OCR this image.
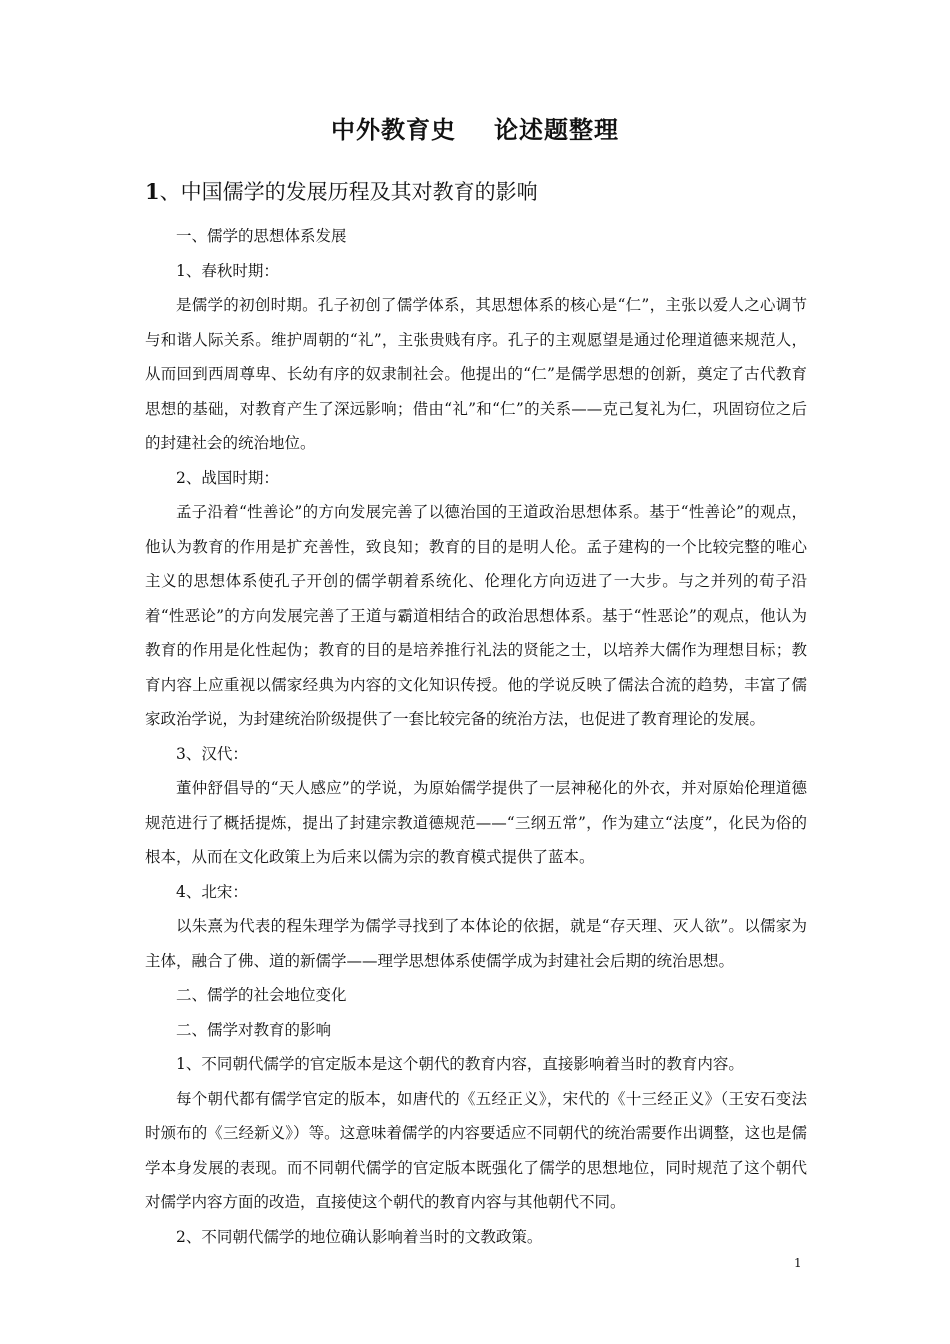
中外教育史 论述题整理
1、中国儒学的发展历程及其对教育的影响

一、儒学的思想体系发展

1、春秋时期：

是儒学的初创时期。孔子初创了儒学体系，其思想体系的核心是“仁”，主张以爱人之心调节与和谐人际关系。维护周朝的“礼”，主张贵贱有序。孔子的主观愿望是通过伦理道德来规范人，从而回到西周尊卑、长幼有序的奴隶制社会。他提出的“仁”是儒学思想的创新，奠定了古代教育思想的基础，对教育产生了深远影响；借由“礼”和“仁”的关系——克己复礼为仁，巩固窃位之后的封建社会的统治地位。

2、战国时期：

孟子沿着“性善论”的方向发展完善了以德治国的王道政治思想体系。基于“性善论”的观点，他认为教育的作用是扩充善性，致良知；教育的目的是明人伦。孟子建构的一个比较完整的唯心主义的思想体系使孔子开创的儒学朝着系统化、伦理化方向迈进了一大步。与之并列的荀子沿着“性恶论”的方向发展完善了王道与霸道相结合的政治思想体系。基于“性恶论”的观点，他认为教育的作用是化性起伪；教育的目的是培养推行礼法的贤能之士，以培养大儒作为理想目标；教育内容上应重视以儒家经典为内容的文化知识传授。他的学说反映了儒法合流的趋势，丰富了儒家政治学说，为封建统治阶级提供了一套比较完备的统治方法，也促进了教育理论的发展。

3、汉代：

董仲舒倡导的“天人感应”的学说，为原始儒学提供了一层神秘化的外衣，并对原始伦理道德规范进行了概括提炼，提出了封建宗教道德规范——“三纲五常”，作为建立“法度”，化民为俗的根本，从而在文化政策上为后来以儒为宗的教育模式提供了蓝本。

4、北宋：

以朱熹为代表的程朱理学为儒学寻找到了本体论的依据，就是“存天理、灭人欲”。以儒家为主体，融合了佛、道的新儒学——理学思想体系使儒学成为封建社会后期的统治思想。

二、儒学的社会地位变化

二、儒学对教育的影响

1、不同朝代儒学的官定版本是这个朝代的教育内容，直接影响着当时的教育内容。

每个朝代都有儒学官定的版本，如唐代的《五经正义》，宋代的《十三经正义》（王安石变法时颁布的《三经新义》）等。这意味着儒学的内容要适应不同朝代的统治需要作出调整，这也是儒学本身发展的表现。而不同朝代儒学的官定版本既强化了儒学的思想地位，同时规范了这个朝代对儒学内容方面的改造，直接使这个朝代的教育内容与其他朝代不同。

2、不同朝代儒学的地位确认影响着当时的文教政策。

1
